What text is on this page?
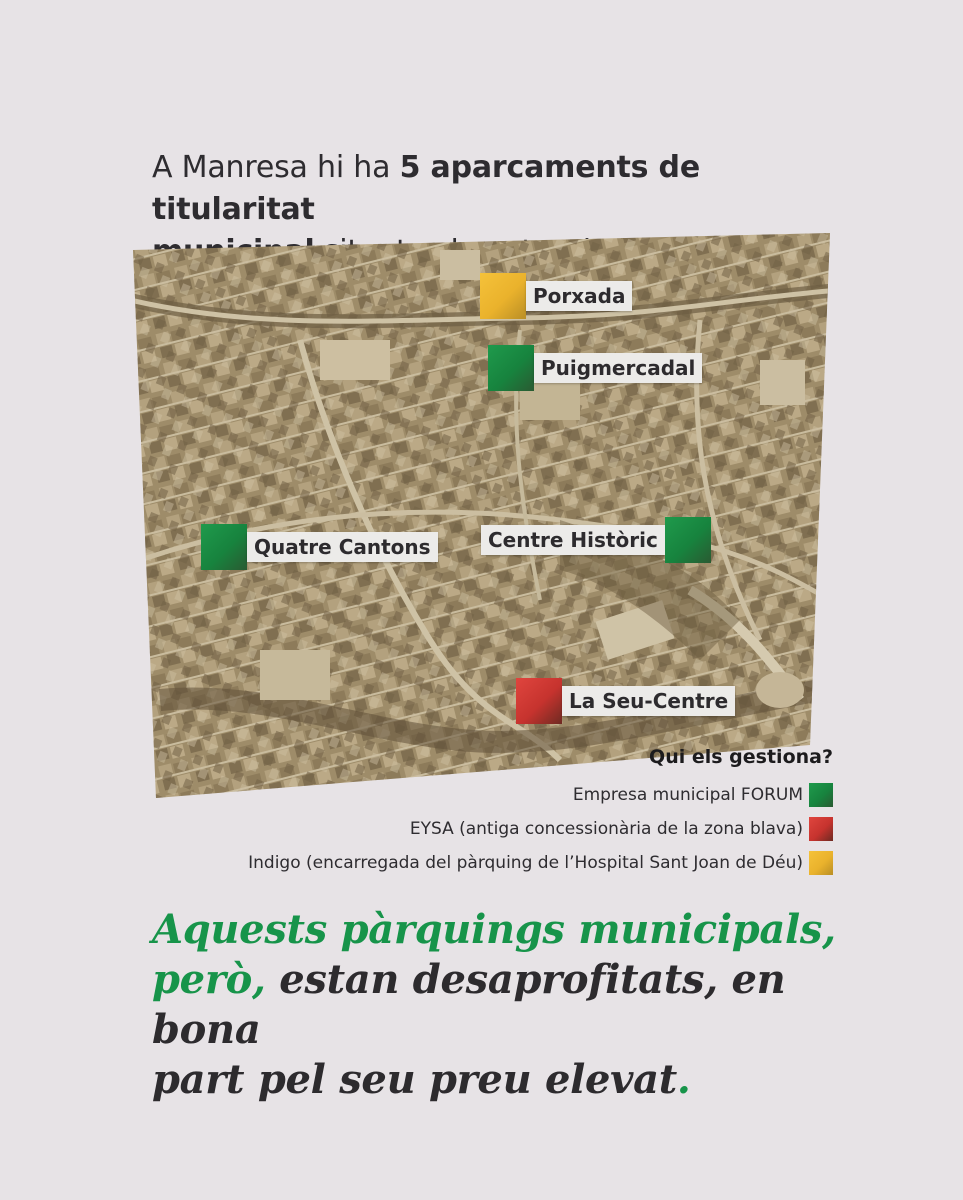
A Manresa hi ha 5 aparcaments de titularitat

Porxada
Puigmercadal
Quatre Cantons	Centre Històric
La Seu-Centre
Qui els gestiona?
Empresa municipal FORUM
EYSA (antiga concessionària de la zona blava)
Indigo (encarregada del pàrquing de l’Hospital Sant Joan de Déu)
Aquests pàrquings municipals,
però, estan desaprofitats, en bona
part pel seu preu elevat.
